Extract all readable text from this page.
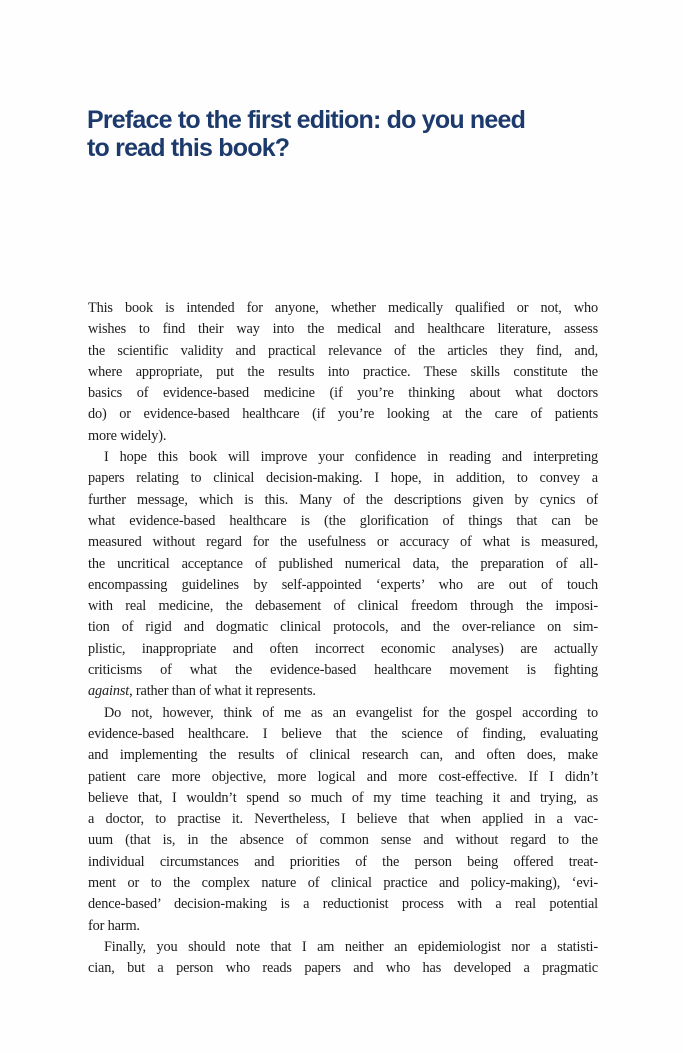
Preface to the first edition: do you need
to read this book?
This book is intended for anyone, whether medically qualified or not, who
wishes to find their way into the medical and healthcare literature, assess
the scientific validity and practical relevance of the articles they find, and,
where appropriate, put the results into practice. These skills constitute the
basics of evidence-based medicine (if you’re thinking about what doctors
do) or evidence-based healthcare (if you’re looking at the care of patients
more widely).
I hope this book will improve your confidence in reading and interpreting
papers relating to clinical decision-making. I hope, in addition, to convey a
further message, which is this. Many of the descriptions given by cynics of
what evidence-based healthcare is (the glorification of things that can be
measured without regard for the usefulness or accuracy of what is measured,
the uncritical acceptance of published numerical data, the preparation of all-
encompassing guidelines by self-appointed ‘experts’ who are out of touch
with real medicine, the debasement of clinical freedom through the imposi-
tion of rigid and dogmatic clinical protocols, and the over-reliance on sim-
plistic, inappropriate and often incorrect economic analyses) are actually
criticisms of what the evidence-based healthcare movement is fighting
against, rather than of what it represents.
Do not, however, think of me as an evangelist for the gospel according to
evidence-based healthcare. I believe that the science of finding, evaluating
and implementing the results of clinical research can, and often does, make
patient care more objective, more logical and more cost-effective. If I didn’t
believe that, I wouldn’t spend so much of my time teaching it and trying, as
a doctor, to practise it. Nevertheless, I believe that when applied in a vac-
uum (that is, in the absence of common sense and without regard to the
individual circumstances and priorities of the person being offered treat-
ment or to the complex nature of clinical practice and policy-making), ‘evi-
dence-based’ decision-making is a reductionist process with a real potential
for harm.
Finally, you should note that I am neither an epidemiologist nor a statisti-
cian, but a person who reads papers and who has developed a pragmatic
